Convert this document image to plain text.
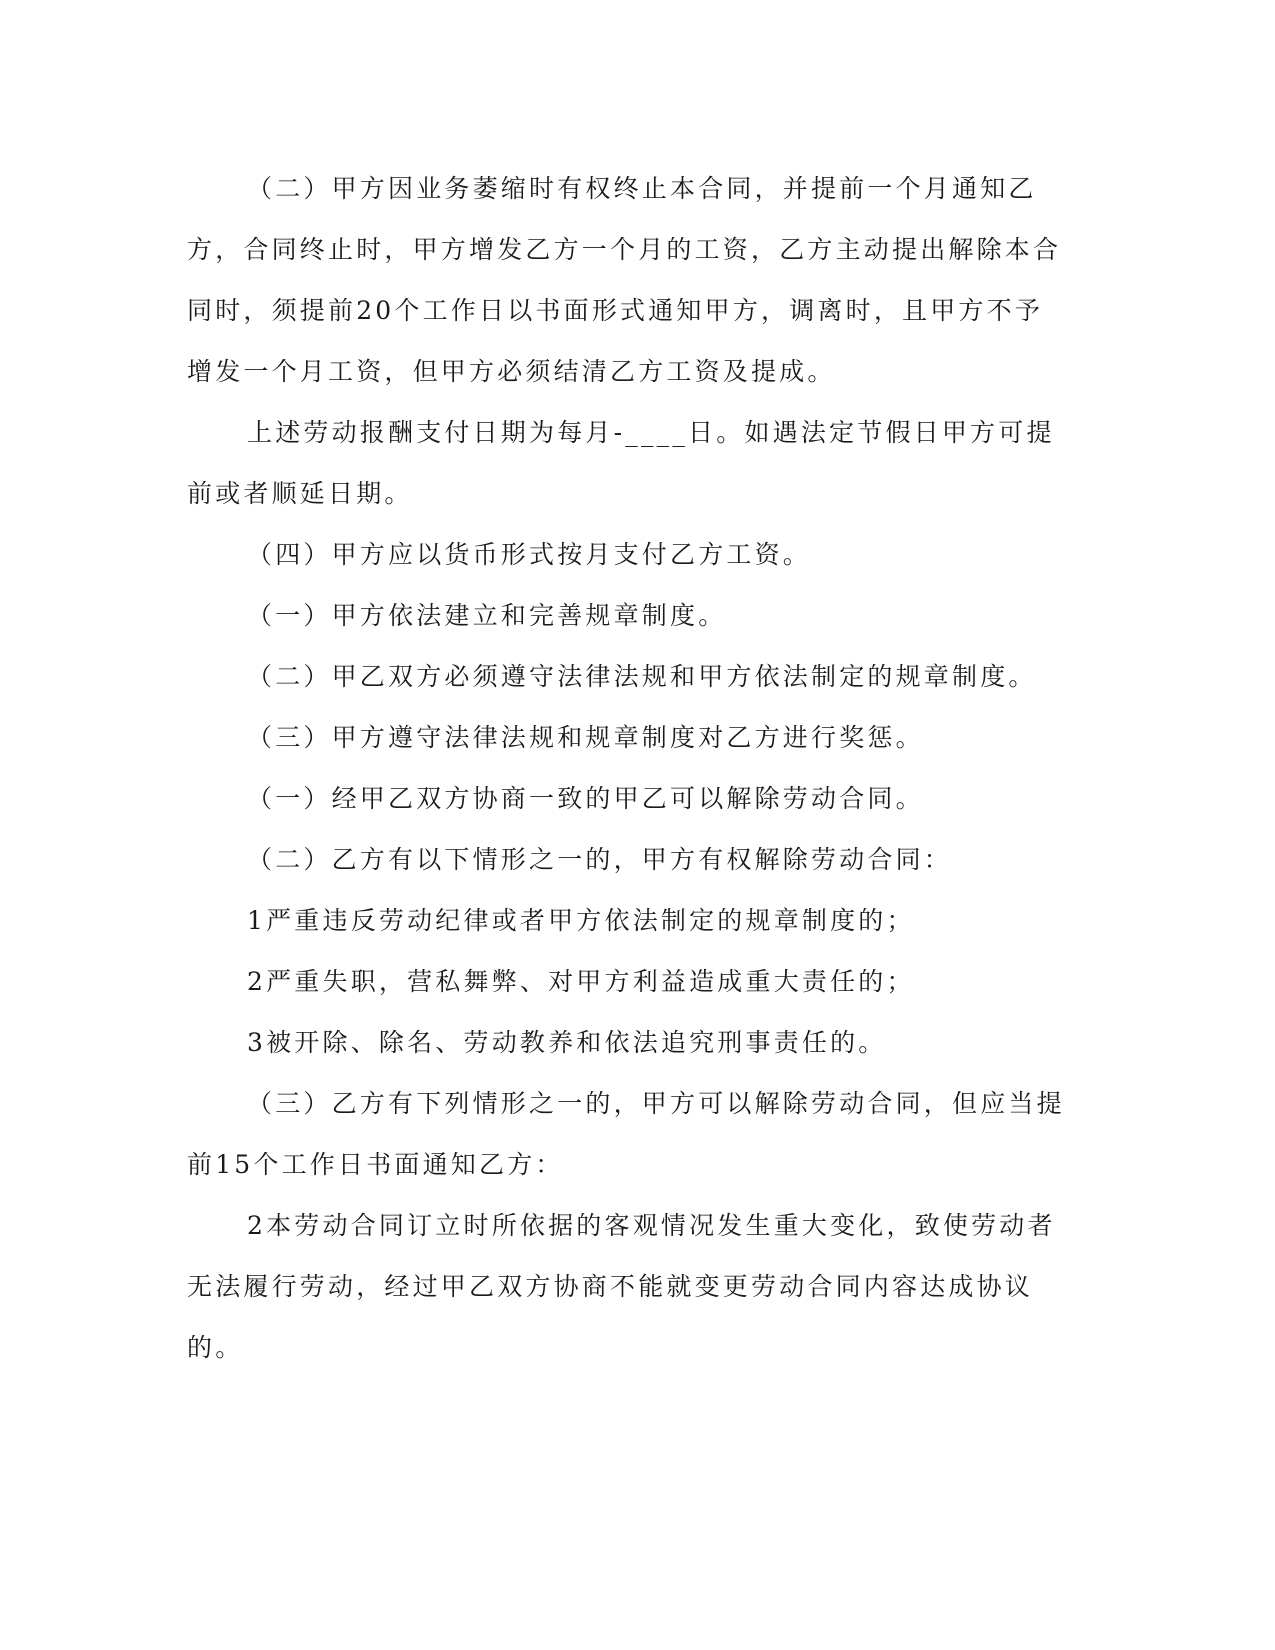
（二）甲方因业务萎缩时有权终止本合同，并提前一个月通知乙方，合同终止时，甲方增发乙方一个月的工资，乙方主动提出解除本合同时，须提前20个工作日以书面形式通知甲方，调离时，且甲方不予增发一个月工资，但甲方必须结清乙方工资及提成。

上述劳动报酬支付日期为每月-____日。如遇法定节假日甲方可提前或者顺延日期。

（四）甲方应以货币形式按月支付乙方工资。

（一）甲方依法建立和完善规章制度。

（二）甲乙双方必须遵守法律法规和甲方依法制定的规章制度。

（三）甲方遵守法律法规和规章制度对乙方进行奖惩。

（一）经甲乙双方协商一致的甲乙可以解除劳动合同。

（二）乙方有以下情形之一的，甲方有权解除劳动合同：

1严重违反劳动纪律或者甲方依法制定的规章制度的；

2严重失职，营私舞弊、对甲方利益造成重大责任的；

3被开除、除名、劳动教养和依法追究刑事责任的。

（三）乙方有下列情形之一的，甲方可以解除劳动合同，但应当提前15个工作日书面通知乙方：

2本劳动合同订立时所依据的客观情况发生重大变化，致使劳动者无法履行劳动，经过甲乙双方协商不能就变更劳动合同内容达成协议的。
